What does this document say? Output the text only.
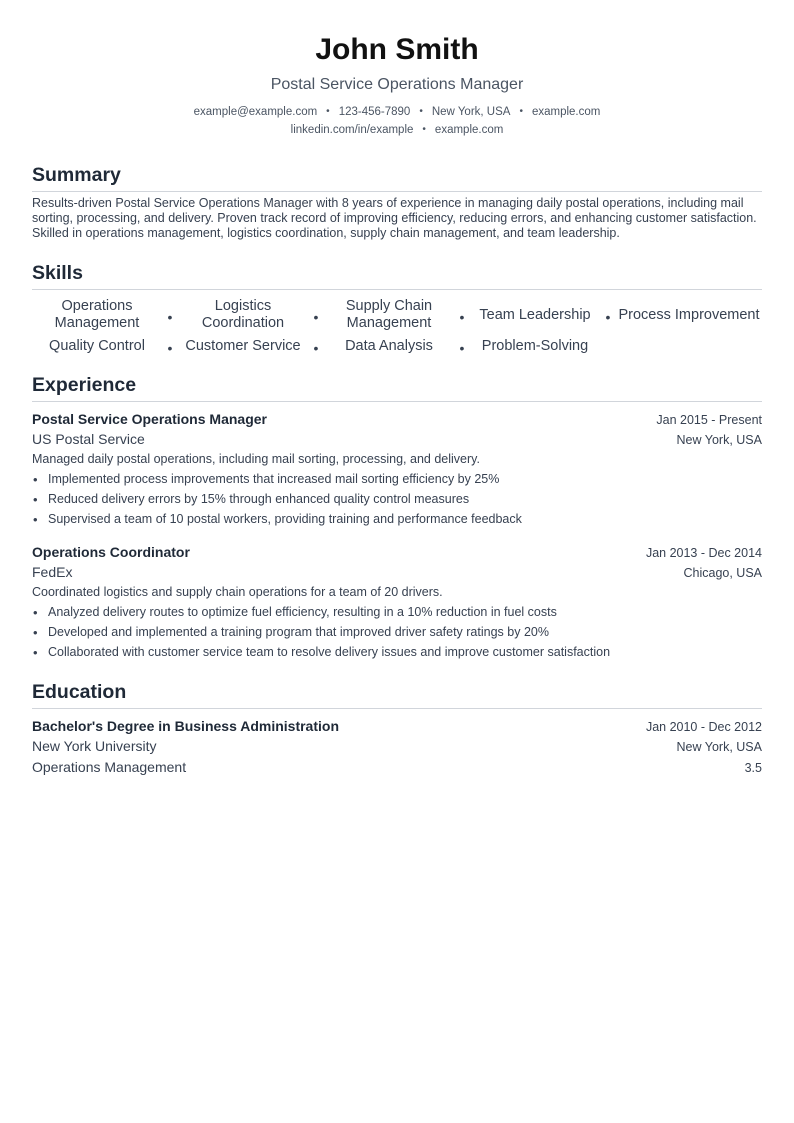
John Smith
Postal Service Operations Manager
example@example.com • 123-456-7890 • New York, USA • example.com
linkedin.com/in/example • example.com
Summary
Results-driven Postal Service Operations Manager with 8 years of experience in managing daily postal operations, including mail sorting, processing, and delivery. Proven track record of improving efficiency, reducing errors, and enhancing customer satisfaction. Skilled in operations management, logistics coordination, supply chain management, and team leadership.
Skills
Operations Management	•
Logistics Coordination	•
Supply Chain Management	•	Team Leadership	• Process Improvement
Quality Control	• Customer Service •	Data Analysis	•	Problem-Solving
Experience
Postal Service Operations Manager	Jan 2015 - Present
US Postal Service	New York, USA
Managed daily postal operations, including mail sorting, processing, and delivery.
• Implemented process improvements that increased mail sorting efficiency by 25%
• Reduced delivery errors by 15% through enhanced quality control measures
• Supervised a team of 10 postal workers, providing training and performance feedback
Operations Coordinator	Jan 2013 - Dec 2014
FedEx	Chicago, USA
Coordinated logistics and supply chain operations for a team of 20 drivers.
• Analyzed delivery routes to optimize fuel efficiency, resulting in a 10% reduction in fuel costs
• Developed and implemented a training program that improved driver safety ratings by 20%
• Collaborated with customer service team to resolve delivery issues and improve customer satisfaction
Education
Bachelor's Degree in Business Administration	Jan 2010 - Dec 2012
New York University	New York, USA
Operations Management	3.5
